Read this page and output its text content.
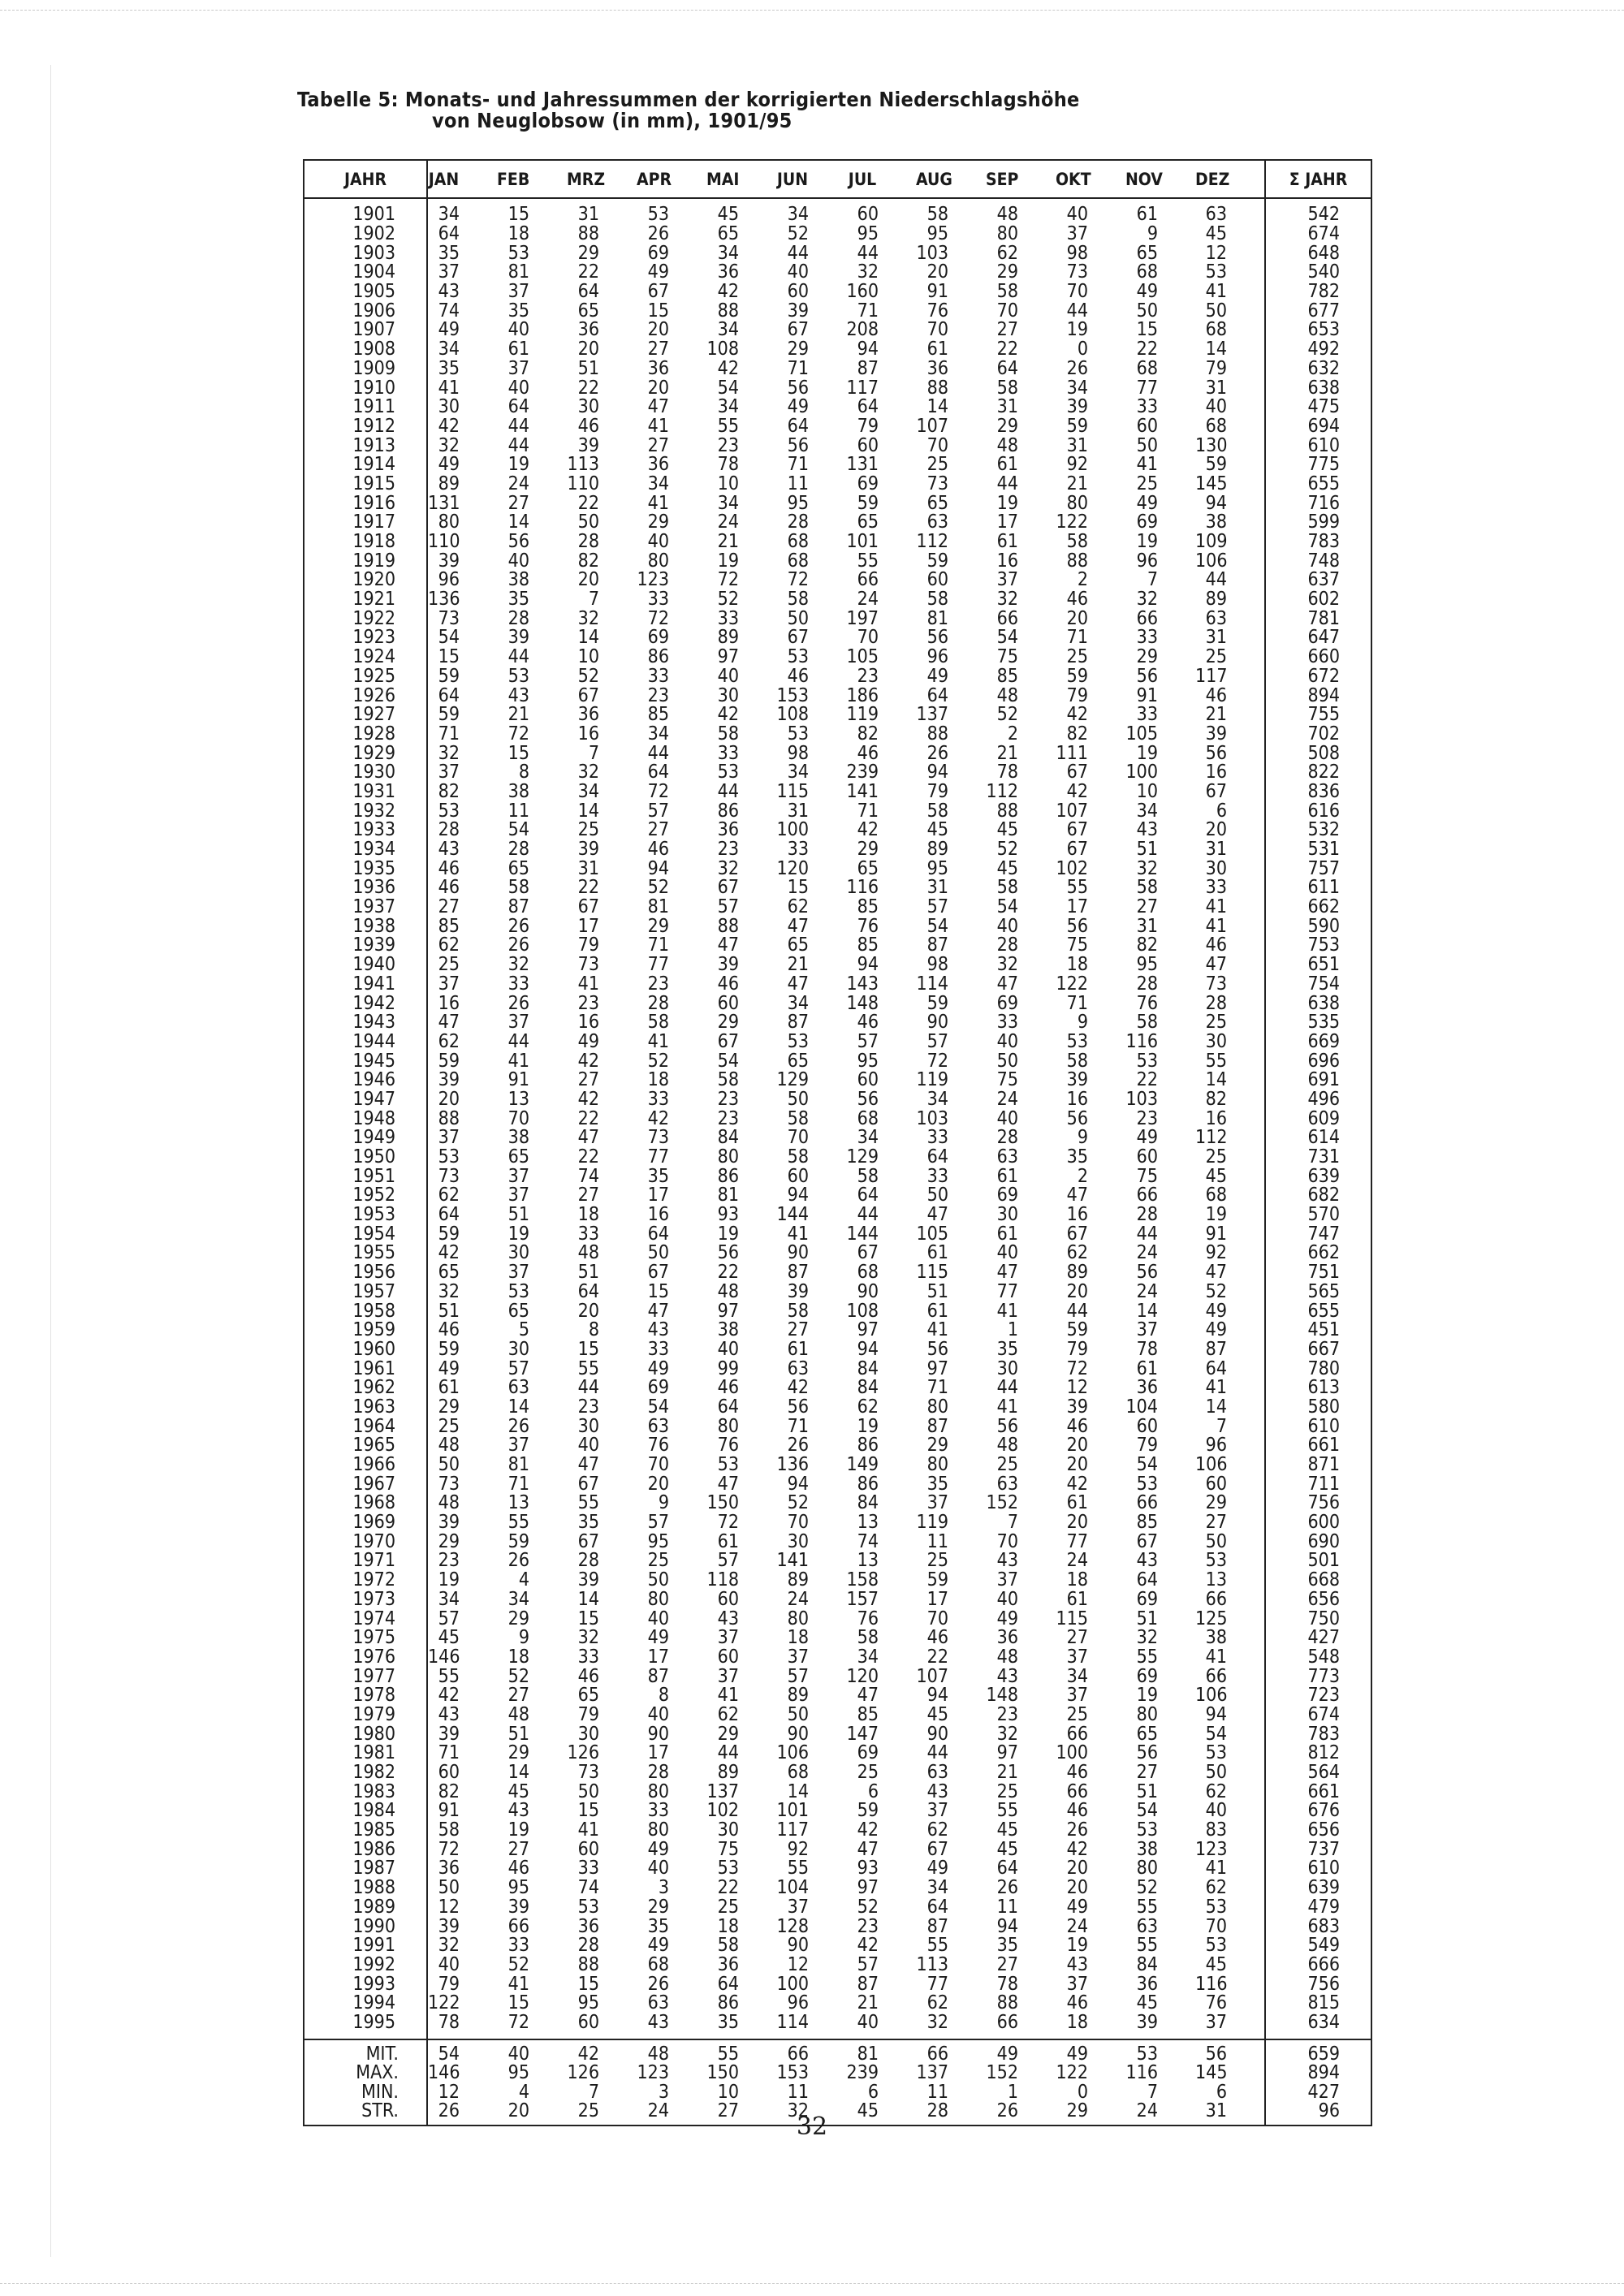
Tabelle 5: Monats- und Jahressummen der korrigierten Niederschlagshöhe
von Neuglobsow (in mm), 1901/95
JAHR	JAN	FEB	MRZ	APR	MAI	JUN	JUL	AUG	SEP	OKT	NOV	DEZ	Σ JAHR
1901	34	15	31	53	45	34	60	58	48	40	61	63	542
1902	64	18	88	26	65	52	95	95	80	37	9	45	674
1903	35	53	29	69	34	44	44	103	62	98	65	12	648
1904	37	81	22	49	36	40	32	20	29	73	68	53	540
1905	43	37	64	67	42	60	160	91	58	70	49	41	782
1906	74	35	65	15	88	39	71	76	70	44	50	50	677
1907	49	40	36	20	34	67	208	70	27	19	15	68	653
1908	34	61	20	27	108	29	94	61	22	0	22	14	492
1909	35	37	51	36	42	71	87	36	64	26	68	79	632
1910	41	40	22	20	54	56	117	88	58	34	77	31	638
1911	30	64	30	47	34	49	64	14	31	39	33	40	475
1912	42	44	46	41	55	64	79	107	29	59	60	68	694
1913	32	44	39	27	23	56	60	70	48	31	50	130	610
1914	49	19	113	36	78	71	131	25	61	92	41	59	775
1915	89	24	110	34	10	11	69	73	44	21	25	145	655
1916	131	27	22	41	34	95	59	65	19	80	49	94	716
1917	80	14	50	29	24	28	65	63	17	122	69	38	599
1918	110	56	28	40	21	68	101	112	61	58	19	109	783
1919	39	40	82	80	19	68	55	59	16	88	96	106	748
1920	96	38	20	123	72	72	66	60	37	2	7	44	637
1921	136	35	7	33	52	58	24	58	32	46	32	89	602
1922	73	28	32	72	33	50	197	81	66	20	66	63	781
1923	54	39	14	69	89	67	70	56	54	71	33	31	647
1924	15	44	10	86	97	53	105	96	75	25	29	25	660
1925	59	53	52	33	40	46	23	49	85	59	56	117	672
1926	64	43	67	23	30	153	186	64	48	79	91	46	894
1927	59	21	36	85	42	108	119	137	52	42	33	21	755
1928	71	72	16	34	58	53	82	88	2	82	105	39	702
1929	32	15	7	44	33	98	46	26	21	111	19	56	508
1930	37	8	32	64	53	34	239	94	78	67	100	16	822
1931	82	38	34	72	44	115	141	79	112	42	10	67	836
1932	53	11	14	57	86	31	71	58	88	107	34	6	616
1933	28	54	25	27	36	100	42	45	45	67	43	20	532
1934	43	28	39	46	23	33	29	89	52	67	51	31	531
1935	46	65	31	94	32	120	65	95	45	102	32	30	757
1936	46	58	22	52	67	15	116	31	58	55	58	33	611
1937	27	87	67	81	57	62	85	57	54	17	27	41	662
1938	85	26	17	29	88	47	76	54	40	56	31	41	590
1939	62	26	79	71	47	65	85	87	28	75	82	46	753
1940	25	32	73	77	39	21	94	98	32	18	95	47	651
1941	37	33	41	23	46	47	143	114	47	122	28	73	754
1942	16	26	23	28	60	34	148	59	69	71	76	28	638
1943	47	37	16	58	29	87	46	90	33	9	58	25	535
1944	62	44	49	41	67	53	57	57	40	53	116	30	669
1945	59	41	42	52	54	65	95	72	50	58	53	55	696
1946	39	91	27	18	58	129	60	119	75	39	22	14	691
1947	20	13	42	33	23	50	56	34	24	16	103	82	496
1948	88	70	22	42	23	58	68	103	40	56	23	16	609
1949	37	38	47	73	84	70	34	33	28	9	49	112	614
1950	53	65	22	77	80	58	129	64	63	35	60	25	731
1951	73	37	74	35	86	60	58	33	61	2	75	45	639
1952	62	37	27	17	81	94	64	50	69	47	66	68	682
1953	64	51	18	16	93	144	44	47	30	16	28	19	570
1954	59	19	33	64	19	41	144	105	61	67	44	91	747
1955	42	30	48	50	56	90	67	61	40	62	24	92	662
1956	65	37	51	67	22	87	68	115	47	89	56	47	751
1957	32	53	64	15	48	39	90	51	77	20	24	52	565
1958	51	65	20	47	97	58	108	61	41	44	14	49	655
1959	46	5	8	43	38	27	97	41	1	59	37	49	451
1960	59	30	15	33	40	61	94	56	35	79	78	87	667
1961	49	57	55	49	99	63	84	97	30	72	61	64	780
1962	61	63	44	69	46	42	84	71	44	12	36	41	613
1963	29	14	23	54	64	56	62	80	41	39	104	14	580
1964	25	26	30	63	80	71	19	87	56	46	60	7	610
1965	48	37	40	76	76	26	86	29	48	20	79	96	661
1966	50	81	47	70	53	136	149	80	25	20	54	106	871
1967	73	71	67	20	47	94	86	35	63	42	53	60	711
1968	48	13	55	9	150	52	84	37	152	61	66	29	756
1969	39	55	35	57	72	70	13	119	7	20	85	27	600
1970	29	59	67	95	61	30	74	11	70	77	67	50	690
1971	23	26	28	25	57	141	13	25	43	24	43	53	501
1972	19	4	39	50	118	89	158	59	37	18	64	13	668
1973	34	34	14	80	60	24	157	17	40	61	69	66	656
1974	57	29	15	40	43	80	76	70	49	115	51	125	750
1975	45	9	32	49	37	18	58	46	36	27	32	38	427
1976	146	18	33	17	60	37	34	22	48	37	55	41	548
1977	55	52	46	87	37	57	120	107	43	34	69	66	773
1978	42	27	65	8	41	89	47	94	148	37	19	106	723
1979	43	48	79	40	62	50	85	45	23	25	80	94	674
1980	39	51	30	90	29	90	147	90	32	66	65	54	783
1981	71	29	126	17	44	106	69	44	97	100	56	53	812
1982	60	14	73	28	89	68	25	63	21	46	27	50	564
1983	82	45	50	80	137	14	6	43	25	66	51	62	661
1984	91	43	15	33	102	101	59	37	55	46	54	40	676
1985	58	19	41	80	30	117	42	62	45	26	53	83	656
1986	72	27	60	49	75	92	47	67	45	42	38	123	737
1987	36	46	33	40	53	55	93	49	64	20	80	41	610
1988	50	95	74	3	22	104	97	34	26	20	52	62	639
1989	12	39	53	29	25	37	52	64	11	49	55	53	479
1990	39	66	36	35	18	128	23	87	94	24	63	70	683
1991	32	33	28	49	58	90	42	55	35	19	55	53	549
1992	40	52	88	68	36	12	57	113	27	43	84	45	666
1993	79	41	15	26	64	100	87	77	78	37	36	116	756
1994	122	15	95	63	86	96	21	62	88	46	45	76	815
1995	78	72	60	43	35	114	40	32	66	18	39	37	634
MIT.	54	40	42	48	55	66	81	66	49	49	53	56	659
MAX.	146	95	126	123	150	153	239	137	152	122	116	145	894
MIN.	12	4	7	3	10	11	6	11	1	0	7	6	427
STR.	26	20	25	24	27	32	45	28	26	29	24	31	96
32
